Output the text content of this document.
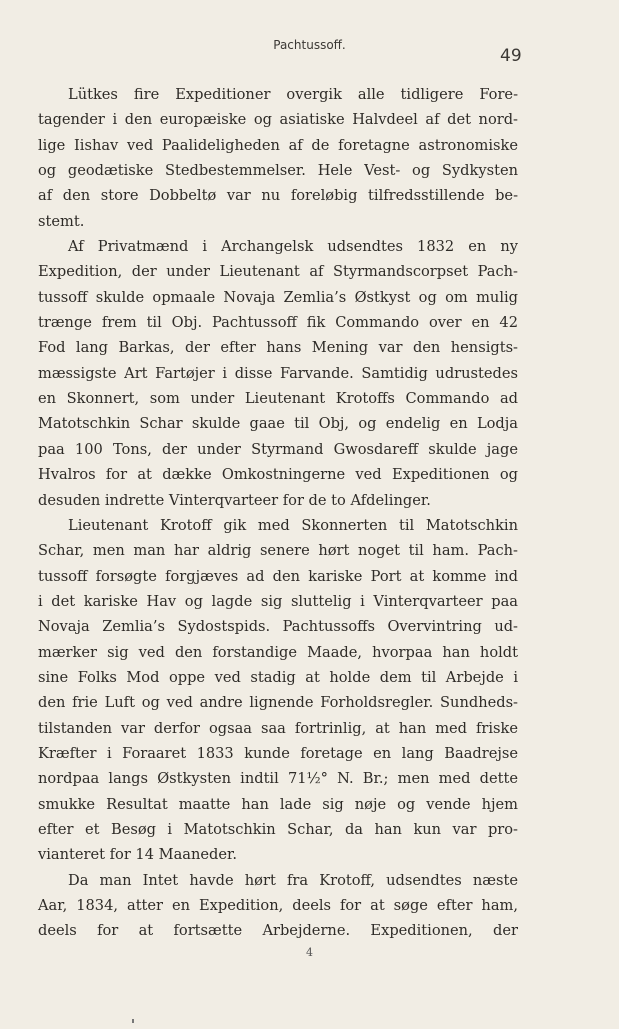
Pachtussoff.
49
Lütkes fire Expeditioner overgik alle tidligere Fore-
tagender i den europæiske og asiatiske Halvdeel af det nord-
lige Iishav ved Paalideligheden af de foretagne astronomiske
og geodætiske Stedbestemmelser. Hele Vest- og Sydkysten
af den store Dobbeltø var nu foreløbig tilfredsstillende be-
stemt.
Af Privatmænd i Archangelsk udsendtes 1832 en ny
Expedition, der under Lieutenant af Styrmandscorpset Pach-
tussoff skulde opmaale Novaja Zemlia’s Østkyst og om mulig
trænge frem til Obj. Pachtussoff fik Commando over en 42
Fod lang Barkas, der efter hans Mening var den hensigts-
mæssigste Art Fartøjer i disse Farvande. Samtidig udrustedes
en Skonnert, som under Lieutenant Krotoffs Commando ad
Matotschkin Schar skulde gaae til Obj, og endelig en Lodja
paa 100 Tons, der under Styrmand Gwosdareff skulde jage
Hvalros for at dække Omkostningerne ved Expeditionen og
desuden indrette Vinterqvarteer for de to Afdelinger.
Lieutenant Krotoff gik med Skonnerten til Matotschkin
Schar, men man har aldrig senere hørt noget til ham. Pach-
tussoff forsøgte forgjæves ad den kariske Port at komme ind
i det kariske Hav og lagde sig sluttelig i Vinterqvarteer paa
Novaja Zemlia’s Sydostspids. Pachtussoffs Overvintring ud-
mærker sig ved den forstandige Maade, hvorpaa han holdt
sine Folks Mod oppe ved stadig at holde dem til Arbejde i
den frie Luft og ved andre lignende Forholdsregler. Sundheds-
tilstanden var derfor ogsaa saa fortrinlig, at han med friske
Kræfter i Foraaret 1833 kunde foretage en lang Baadrejse
nordpaa langs Østkysten indtil 71½° N. Br.; men med dette
smukke Resultat maatte han lade sig nøje og vende hjem
efter et Besøg i Matotschkin Schar, da han kun var pro-
vianteret for 14 Maaneder.
Da man Intet havde hørt fra Krotoff, udsendtes næste
Aar, 1834, atter en Expedition, deels for at søge efter ham,
deels for at fortsætte Arbejderne. Expeditionen, der
4
